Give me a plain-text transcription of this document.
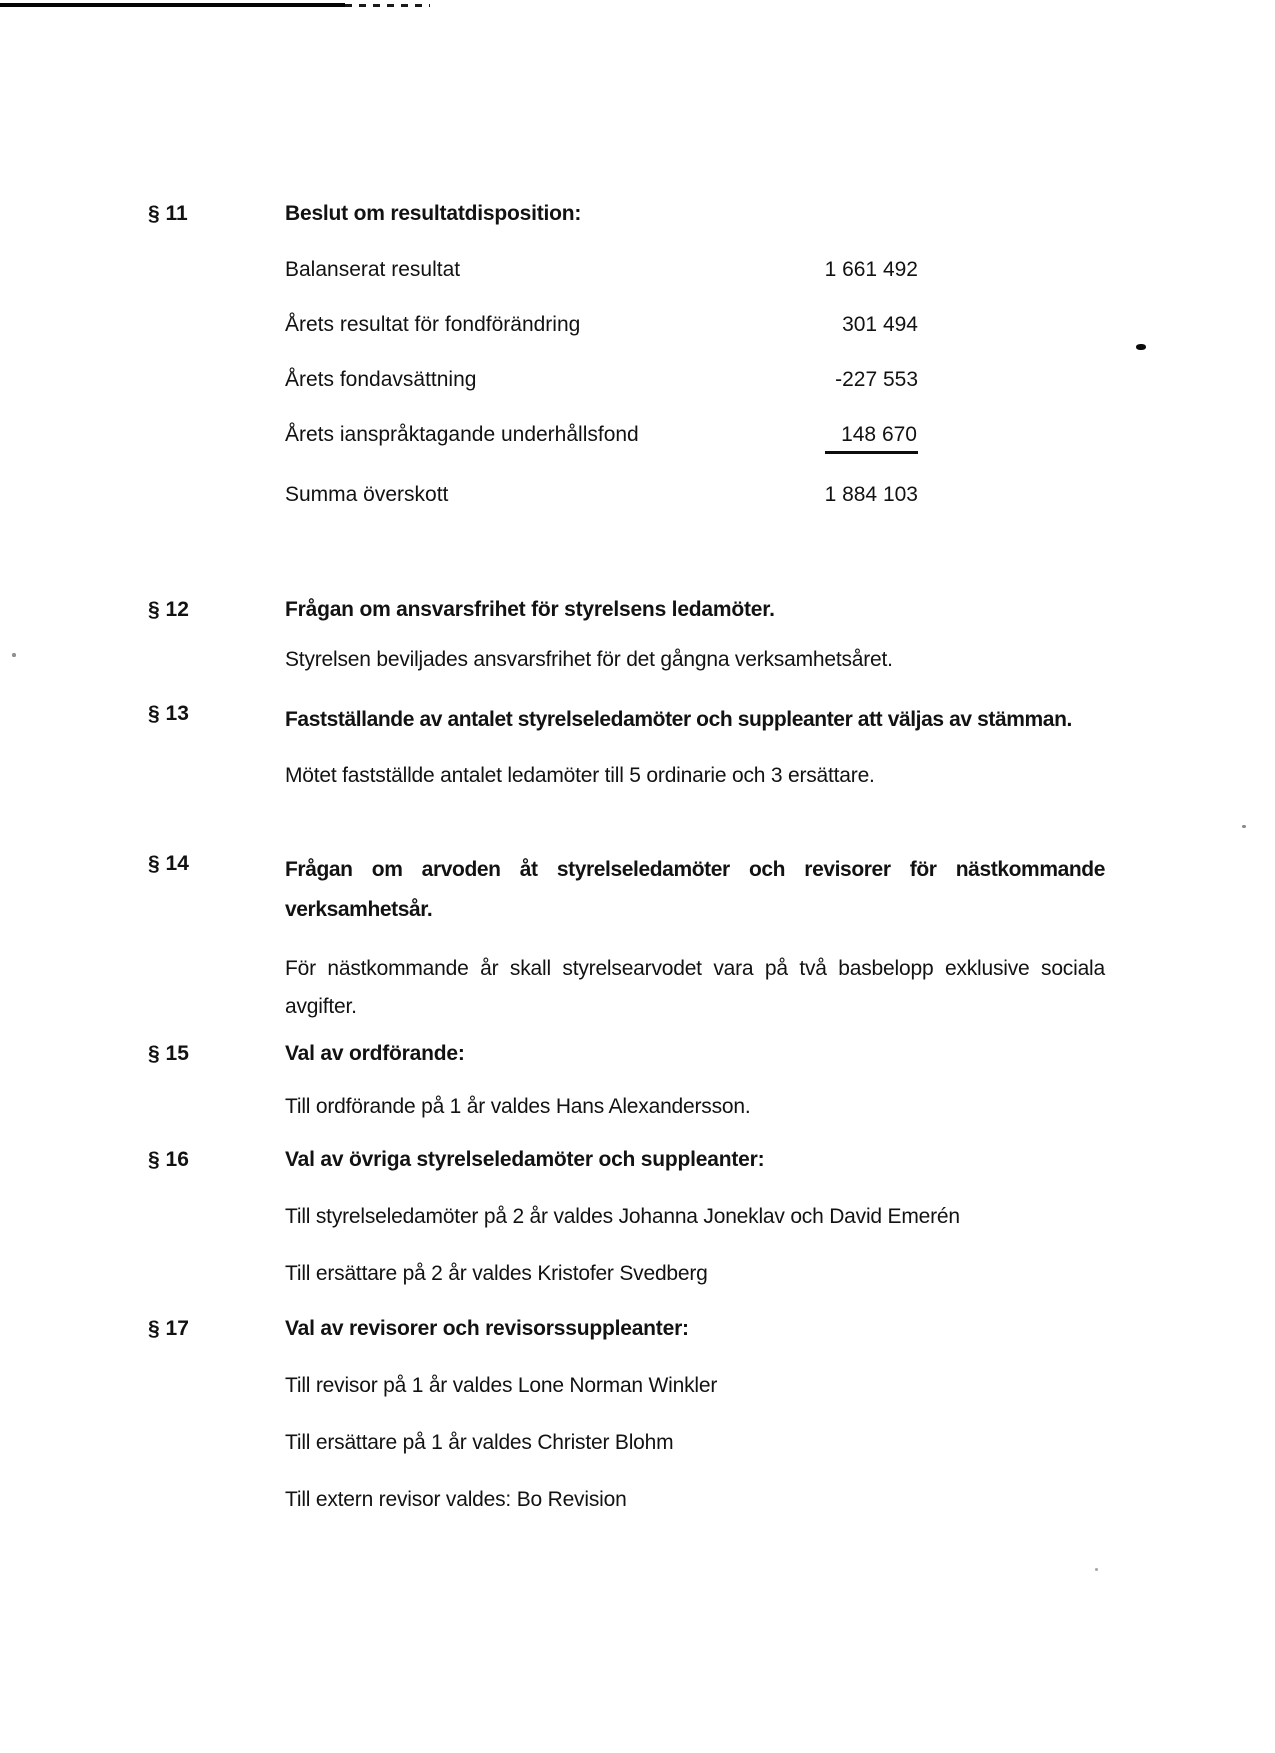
§ 11	Beslut om resultatdisposition:
Balanserat resultat	1 661 492
Årets resultat för fondförändring	301 494
Årets fondavsättning	-227 553
Årets ianspråktagande underhållsfond	148 670
Summa överskott	1 884 103
§ 12	Frågan om ansvarsfrihet för styrelsens ledamöter.

Styrelsen beviljades ansvarsfrihet för det gångna verksamhetsåret.

§ 13	Fastställande av antalet styrelseledamöter och suppleanter att väljas av stämman.

Mötet fastställde antalet ledamöter till 5 ordinarie och 3 ersättare.

§ 14	Frågan om arvoden åt styrelseledamöter och revisorer för nästkommande verksamhetsår.

För nästkommande år skall styrelsearvodet vara på två basbelopp exklusive sociala avgifter.

§ 15	Val av ordförande:

Till ordförande på 1 år valdes Hans Alexandersson.

§ 16	Val av övriga styrelseledamöter och suppleanter:

Till styrelseledamöter på 2 år valdes Johanna Joneklav och David Emerén

Till ersättare på 2 år valdes Kristofer Svedberg

§ 17	Val av revisorer och revisorssuppleanter:

Till revisor på 1 år valdes Lone Norman Winkler

Till ersättare på 1 år valdes Christer Blohm

Till extern revisor valdes: Bo Revision
